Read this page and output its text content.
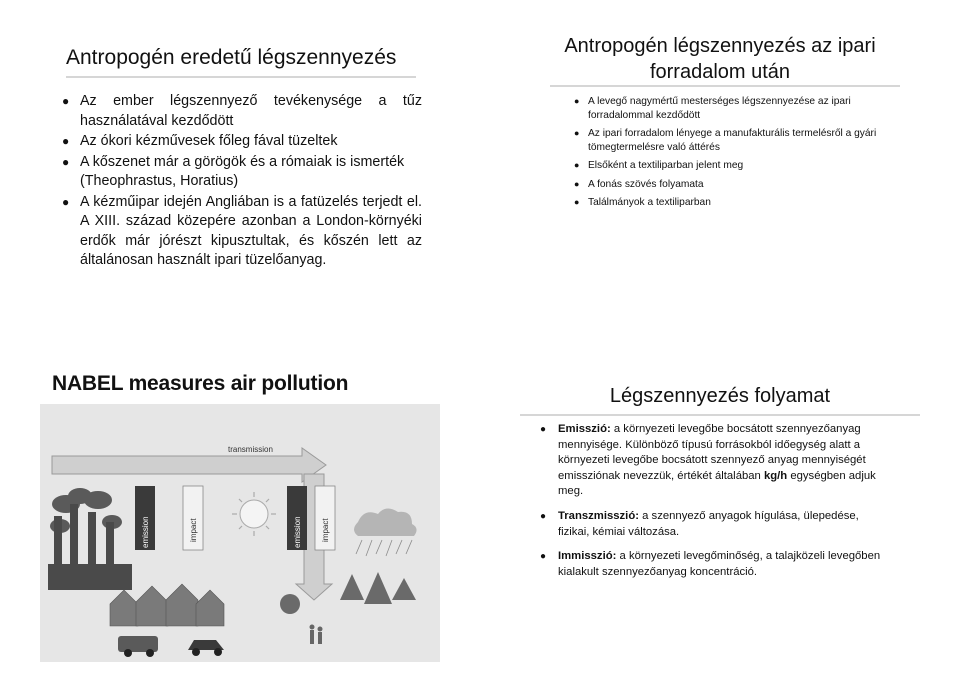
Antropogén eredetű légszennyezés
● Az ember légszennyező tevékenysége a tűz használatával kezdődött
● Az ókori kézművesek főleg fával tüzeltek
● A kőszenet már a görögök és a rómaiak is ismerték (Theophrastus, Horatius)
● A kézműipar idején Angliában is a fatüzelés terjedt el. A XIII. század közepére azonban a London-környéki erdők már jórészt kipusztultak, és kőszén lett az általánosan használt ipari tüzelőanyag.
Antropogén légszennyezés az ipari
forradalom után
● A levegő nagymértű mesterséges légszennyezése az ipari forradalommal kezdődött
● Az ipari forradalom lényege a manufakturális termelésről a gyári tömegtermelésre való áttérés
● Elsőként a textiliparban jelent meg
● A fonás szövés folyamata
● Találmányok a textiliparban
NABEL measures air pollution
transmission
emission	impact	emission impact
Légszennyezés folyamat
● Emisszió: a környezeti levegőbe bocsátott szennyezőanyag mennyisége. Különböző típusú forrásokból időegység alatt a környezeti levegőbe bocsátott szennyező anyag mennyiségét emissziónak nevezzük, értékét általában kg/h egységben adjuk meg.
● Transzmisszió: a szennyező anyagok hígulása, ülepedése, fizikai, kémiai változása.
● Immisszió: a környezeti levegőminőség, a talajközeli levegőben kialakult szennyezőanyag koncentráció.
